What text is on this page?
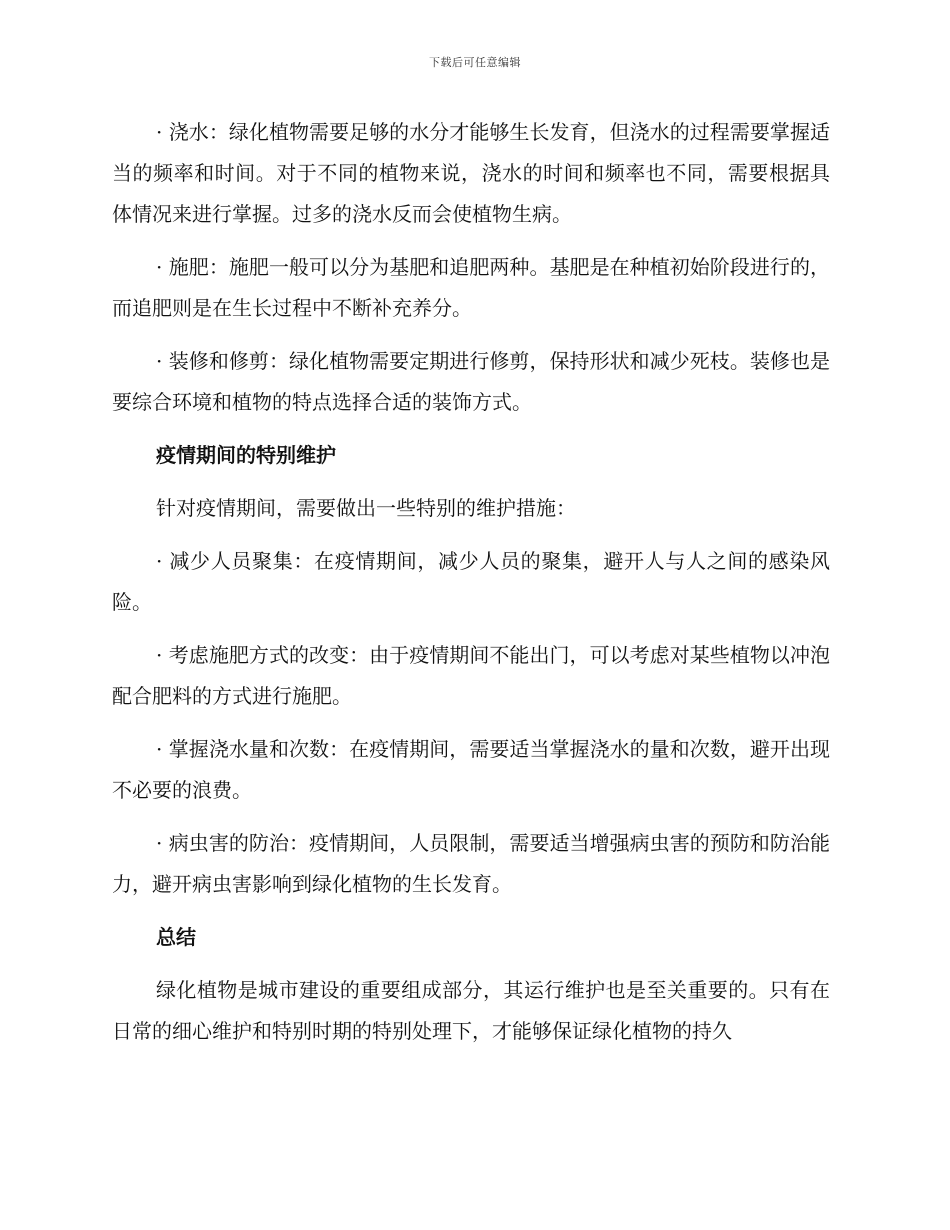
下载后可任意编辑

· 浇水：绿化植物需要足够的水分才能够生长发育，但浇水的过程需要掌握适当的频率和时间。对于不同的植物来说，浇水的时间和频率也不同，需要根据具体情况来进行掌握。过多的浇水反而会使植物生病。

· 施肥：施肥一般可以分为基肥和追肥两种。基肥是在种植初始阶段进行的，而追肥则是在生长过程中不断补充养分。

· 装修和修剪：绿化植物需要定期进行修剪，保持形状和减少死枝。装修也是要综合环境和植物的特点选择合适的装饰方式。

疫情期间的特别维护

针对疫情期间，需要做出一些特别的维护措施：

· 减少人员聚集：在疫情期间，减少人员的聚集，避开人与人之间的感染风险。

· 考虑施肥方式的改变：由于疫情期间不能出门，可以考虑对某些植物以冲泡配合肥料的方式进行施肥。

· 掌握浇水量和次数：在疫情期间，需要适当掌握浇水的量和次数，避开出现不必要的浪费。

· 病虫害的防治：疫情期间，人员限制，需要适当增强病虫害的预防和防治能力，避开病虫害影响到绿化植物的生长发育。

总结

绿化植物是城市建设的重要组成部分，其运行维护也是至关重要的。只有在日常的细心维护和特别时期的特别处理下，才能够保证绿化植物的持久
